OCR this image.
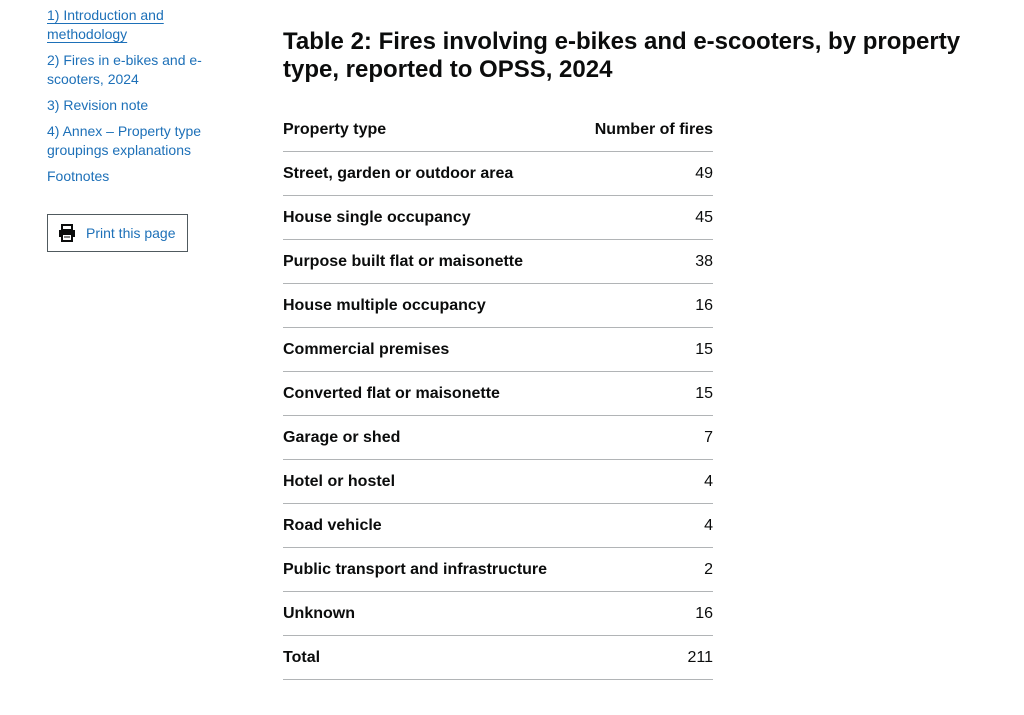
1) Introduction and methodology
2) Fires in e-bikes and e-scooters, 2024
3) Revision note
4) Annex – Property type groupings explanations
Footnotes
Print this page
Table 2: Fires involving e-bikes and e-scooters, by property type, reported to OPSS, 2024
Property type	Number of fires
Street, garden or outdoor area	49
House single occupancy	45
Purpose built flat or maisonette	38
House multiple occupancy	16
Commercial premises	15
Converted flat or maisonette	15
Garage or shed	7
Hotel or hostel	4
Road vehicle	4
Public transport and infrastructure	2
Unknown	16
Total	211
